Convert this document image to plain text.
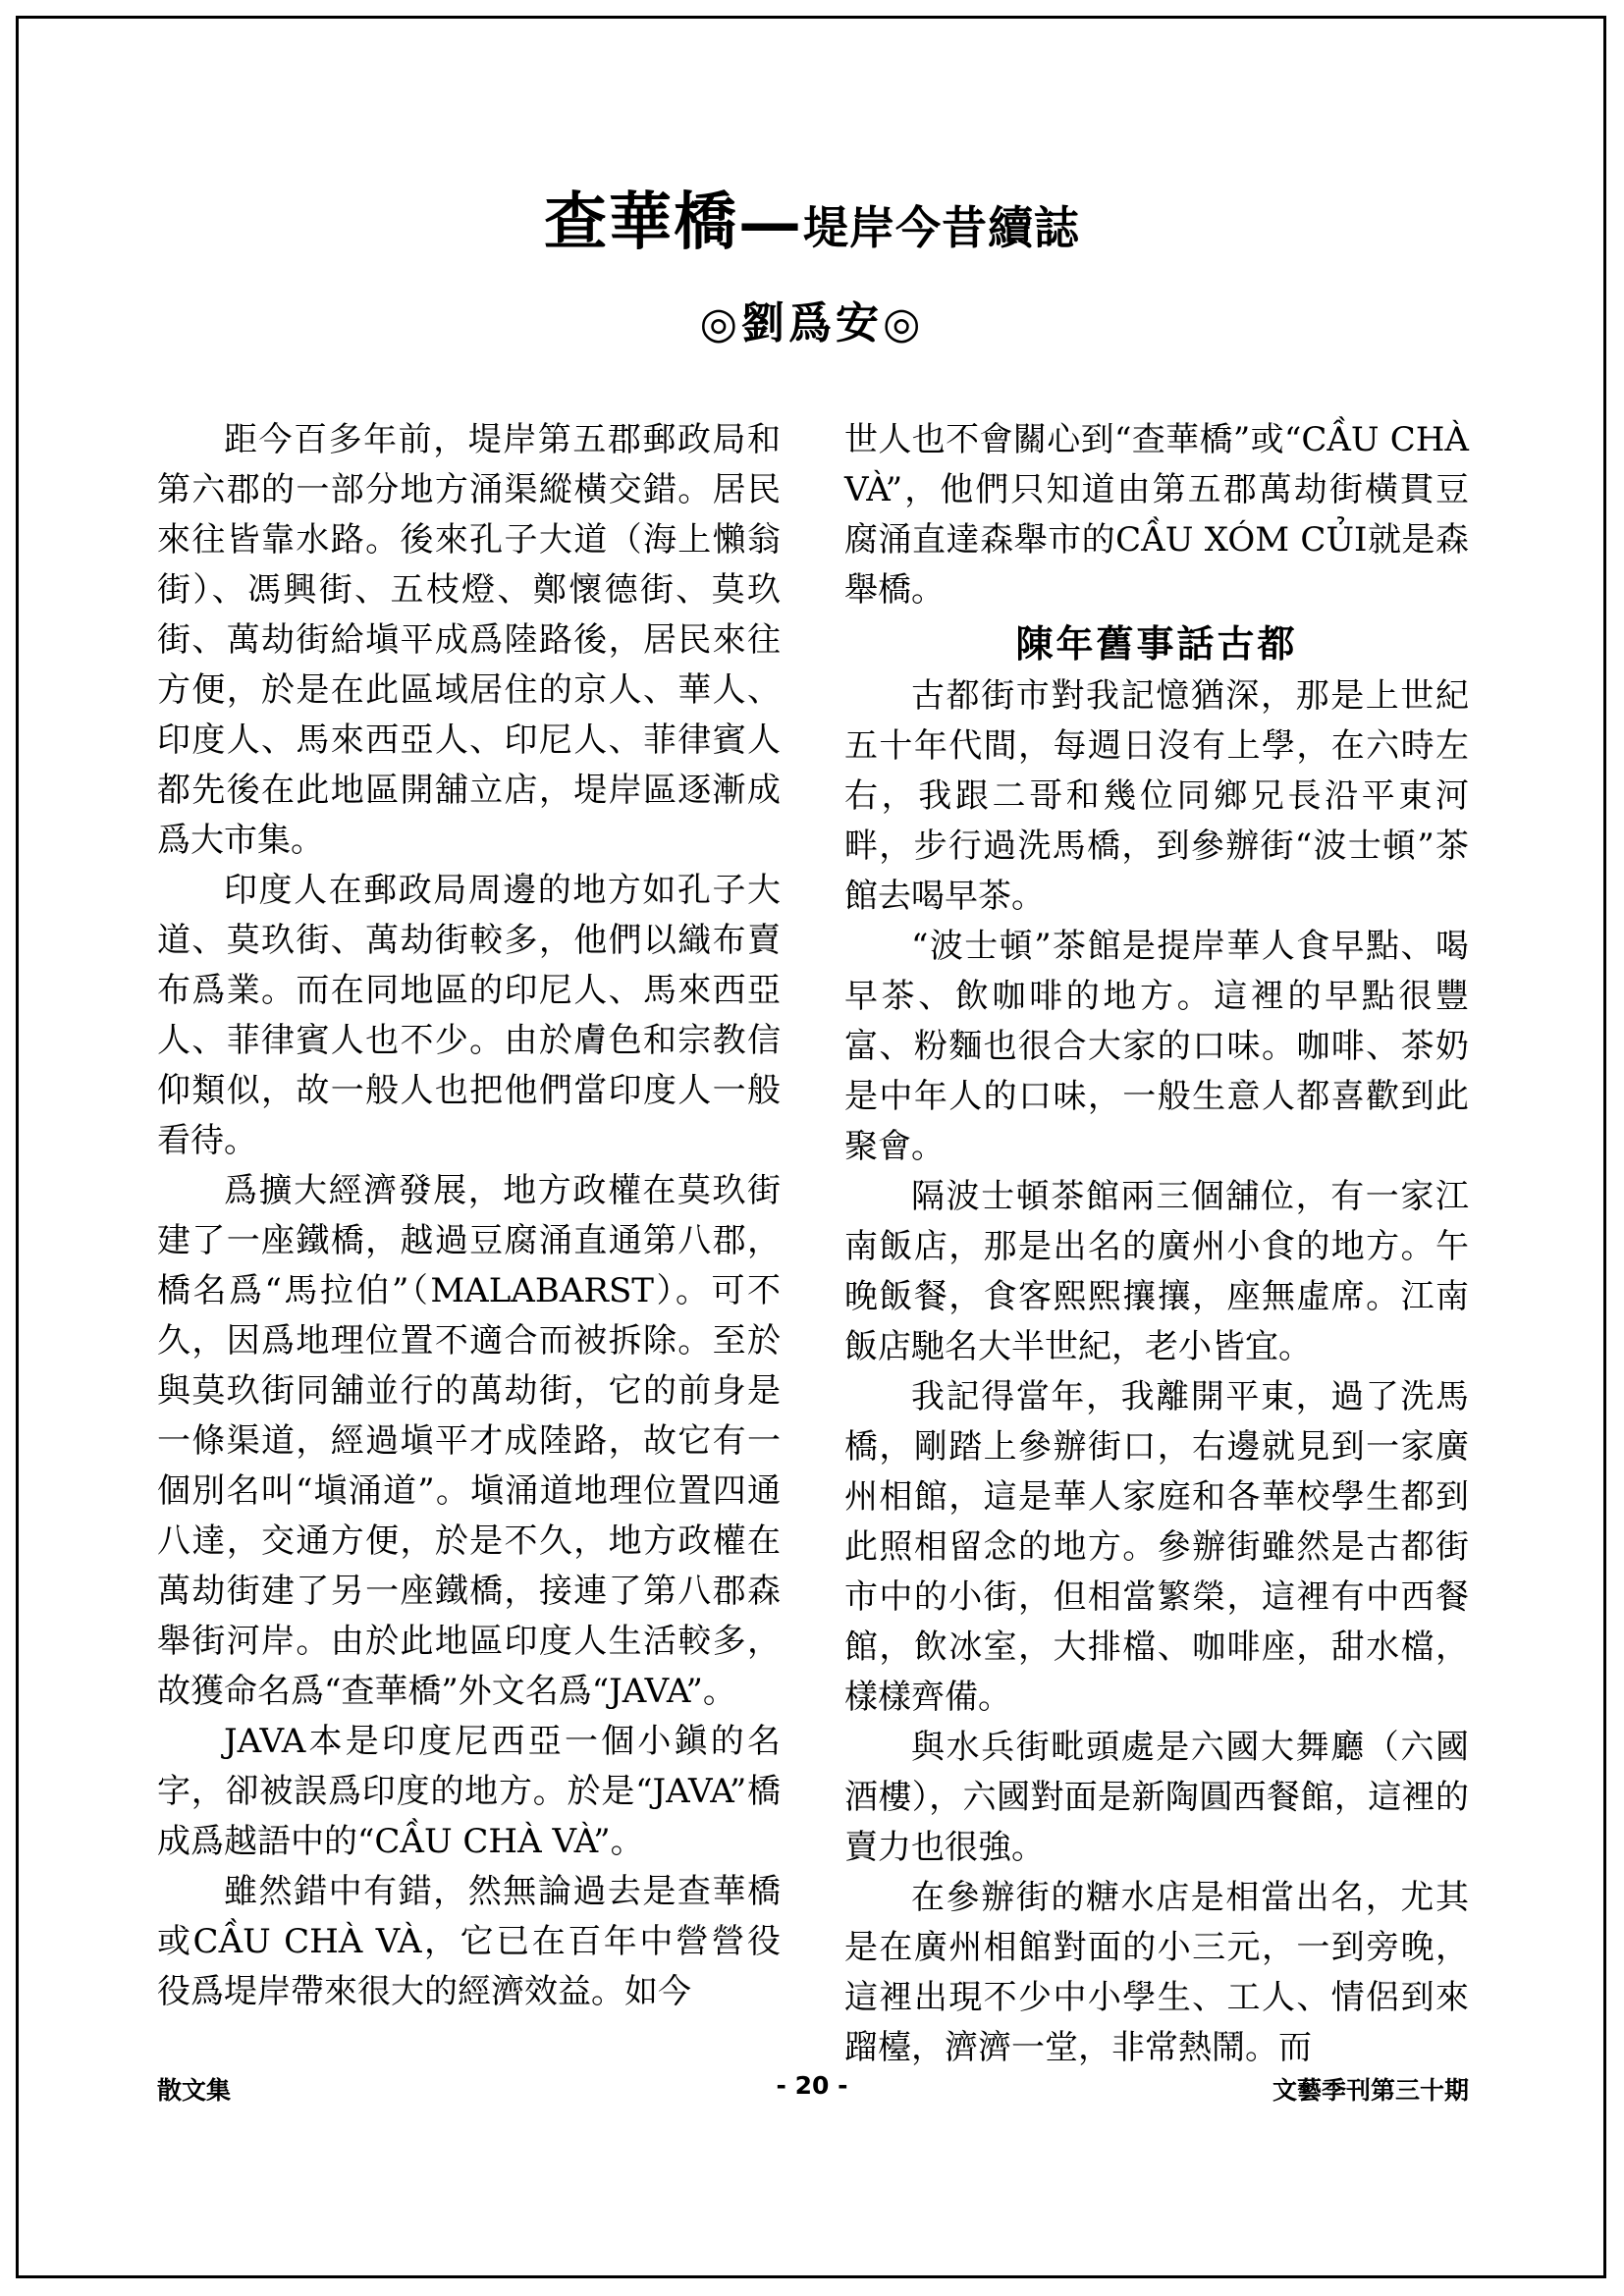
查華橋—堤岸今昔續誌
◎劉爲安◎

距今百多年前，堤岸第五郡郵政局和第六郡的一部分地方涌渠縱橫交錯。居民來往皆靠水路。後來孔子大道（海上懶翁街）、馮興街、五枝燈、鄭懷德街、莫玖街、萬劫街給塡平成爲陸路後，居民來往方便，於是在此區域居住的京人、華人、印度人、馬來西亞人、印尼人、菲律賓人都先後在此地區開舖立店，堤岸區逐漸成爲大市集。

印度人在郵政局周邊的地方如孔子大道、莫玖街、萬劫街較多，他們以織布賣布爲業。而在同地區的印尼人、馬來西亞人、菲律賓人也不少。由於膚色和宗教信仰類似，故一般人也把他們當印度人一般看待。

爲擴大經濟發展，地方政權在莫玖街建了一座鐵橋，越過豆腐涌直通第八郡，橋名爲“馬拉伯”（MALABARST）。可不久，因爲地理位置不適合而被拆除。至於與莫玖街同舖並行的萬劫街，它的前身是一條渠道，經過塡平才成陸路，故它有一個別名叫“塡涌道”。塡涌道地理位置四通八達，交通方便，於是不久，地方政權在萬劫街建了另一座鐵橋，接連了第八郡森舉街河岸。由於此地區印度人生活較多，故獲命名爲“查華橋”外文名爲“JAVA”。

JAVA本是印度尼西亞一個小鎭的名字，卻被誤爲印度的地方。於是“JAVA”橋成爲越語中的“CẦU CHÀ VÀ”。

雖然錯中有錯，然無論過去是查華橋或CẦU CHÀ VÀ，它已在百年中營營役役爲堤岸帶來很大的經濟效益。如今

世人也不會關心到“查華橋”或“CẦU CHÀ VÀ”，他們只知道由第五郡萬劫街橫貫豆腐涌直達森舉市的CẦU XÓM CỦI就是森舉橋。

陳年舊事話古都

古都街市對我記憶猶深，那是上世紀五十年代間，每週日沒有上學，在六時左右，我跟二哥和幾位同鄉兄長沿平東河畔，步行過洗馬橋，到參辦街“波士頓”茶館去喝早茶。

“波士頓”茶館是提岸華人食早點、喝早茶、飲咖啡的地方。這裡的早點很豐富、粉麵也很合大家的口味。咖啡、茶奶是中年人的口味，一般生意人都喜歡到此聚會。

隔波士頓茶館兩三個舖位，有一家江南飯店，那是出名的廣州小食的地方。午晚飯餐，食客熙熙攘攘，座無虛席。江南飯店馳名大半世紀，老小皆宜。

我記得當年，我離開平東，過了洗馬橋，剛踏上參辦街口，右邊就見到一家廣州相館，這是華人家庭和各華校學生都到此照相留念的地方。參辦街雖然是古都街市中的小街，但相當繁榮，這裡有中西餐館，飲冰室，大排檔、咖啡座，甜水檔，樣樣齊備。

與水兵街毗頭處是六國大舞廳（六國酒樓），六國對面是新陶圓西餐館，這裡的賣力也很強。

在參辦街的糖水店是相當出名，尤其是在廣州相館對面的小三元，一到旁晚，這裡出現不少中小學生、工人、情侶到來蹓檯，濟濟一堂，非常熱鬧。而

散文集	- 20 -	文藝季刊第三十期
